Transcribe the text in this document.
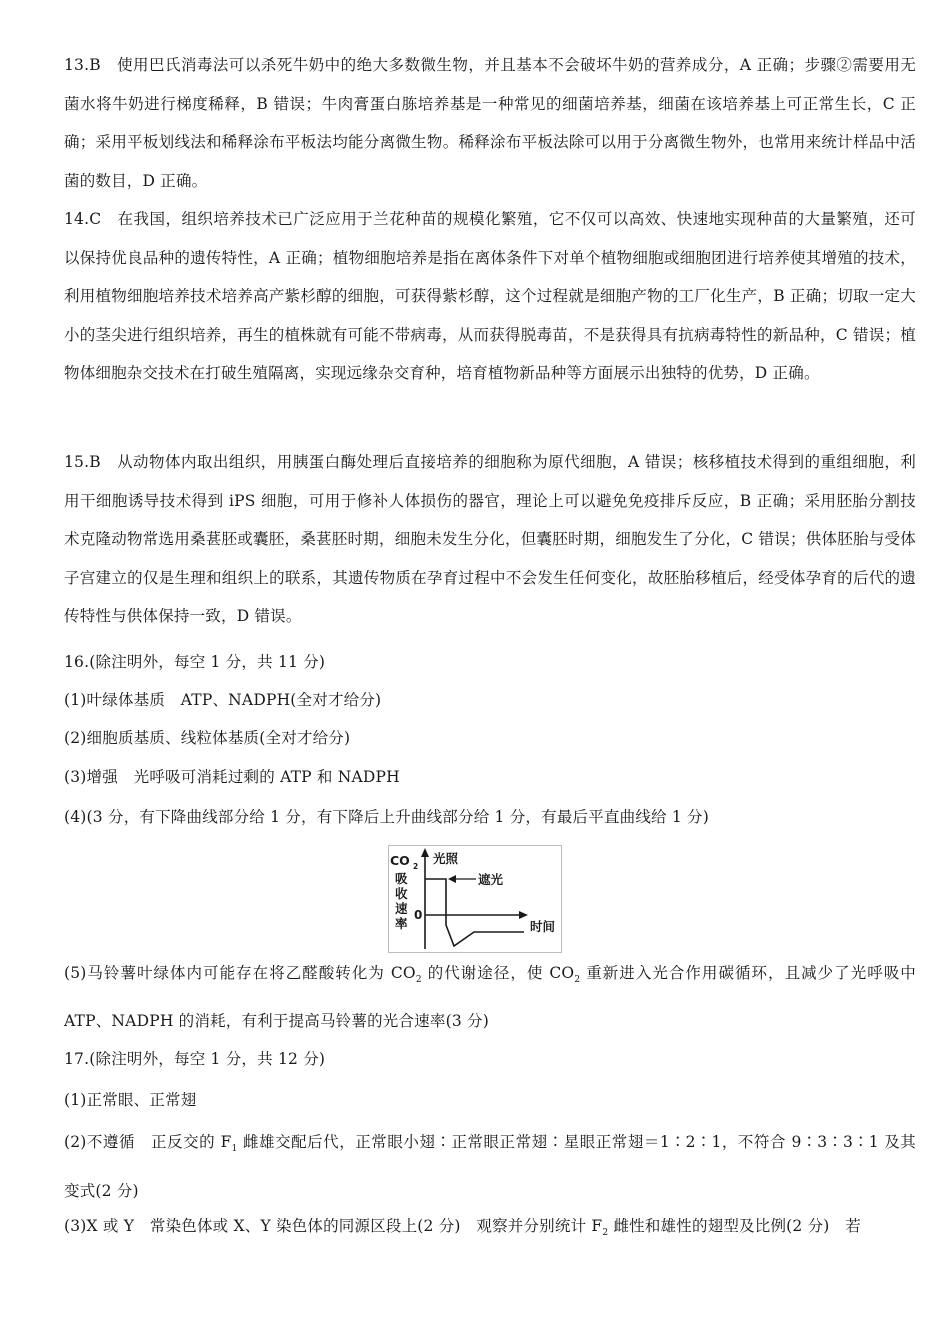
13.B　使用巴氏消毒法可以杀死牛奶中的绝大多数微生物，并且基本不会破坏牛奶的营养成分，A 正确；步骤②需要用无菌水将牛奶进行梯度稀释，B 错误；牛肉膏蛋白胨培养基是一种常见的细菌培养基，细菌在该培养基上可正常生长，C 正确；采用平板划线法和稀释涂布平板法均能分离微生物。稀释涂布平板法除可以用于分离微生物外，也常用来统计样品中活菌的数目，D 正确。
14.C　在我国，组织培养技术已广泛应用于兰花种苗的规模化繁殖，它不仅可以高效、快速地实现种苗的大量繁殖，还可以保持优良品种的遗传特性，A 正确；植物细胞培养是指在离体条件下对单个植物细胞或细胞团进行培养使其增殖的技术，利用植物细胞培养技术培养高产紫杉醇的细胞，可获得紫杉醇，这个过程就是细胞产物的工厂化生产，B 正确；切取一定大小的茎尖进行组织培养，再生的植株就有可能不带病毒，从而获得脱毒苗，不是获得具有抗病毒特性的新品种，C 错误；植物体细胞杂交技术在打破生殖隔离，实现远缘杂交育种，培育植物新品种等方面展示出独特的优势，D 正确。
15.B　从动物体内取出组织，用胰蛋白酶处理后直接培养的细胞称为原代细胞，A 错误；核移植技术得到的重组细胞，利用干细胞诱导技术得到 iPS 细胞，可用于修补人体损伤的器官，理论上可以避免免疫排斥反应，B 正确；采用胚胎分割技术克隆动物常选用桑葚胚或囊胚，桑葚胚时期，细胞未发生分化，但囊胚时期，细胞发生了分化，C 错误；供体胚胎与受体子宫建立的仅是生理和组织上的联系，其遗传物质在孕育过程中不会发生任何变化，故胚胎移植后，经受体孕育的后代的遗传特性与供体保持一致，D 错误。
16.(除注明外，每空 1 分，共 11 分)
(1)叶绿体基质　ATP、NADPH(全对才给分)
(2)细胞质基质、线粒体基质(全对才给分)
(3)增强　光呼吸可消耗过剩的 ATP 和 NADPH
(4)(3 分，有下降曲线部分给 1 分，有下降后上升曲线部分给 1 分，有最后平直曲线给 1 分)
CO 2
吸
收
速
率
光照
遮光
0
时间
(5)马铃薯叶绿体内可能存在将乙醛酸转化为 $CO_2$ 的代谢途径，使 $CO_2$ 重新进入光合作用碳循环，且减少了光呼吸中ATP、NADPH 的消耗，有利于提高马铃薯的光合速率(3 分)
17.(除注明外，每空 1 分，共 12 分)
(1)正常眼、正常翅
(2)不遵循　正反交的 $F_1$ 雌雄交配后代，正常眼小翅∶正常眼正常翅∶星眼正常翅＝1∶2∶1，不符合 9∶3∶3∶1 及其变式(2 分)
(3)X 或 Y　常染色体或 X、Y 染色体的同源区段上(2 分)　观察并分别统计 $F_2$ 雌性和雄性的翅型及比例(2 分)　若
